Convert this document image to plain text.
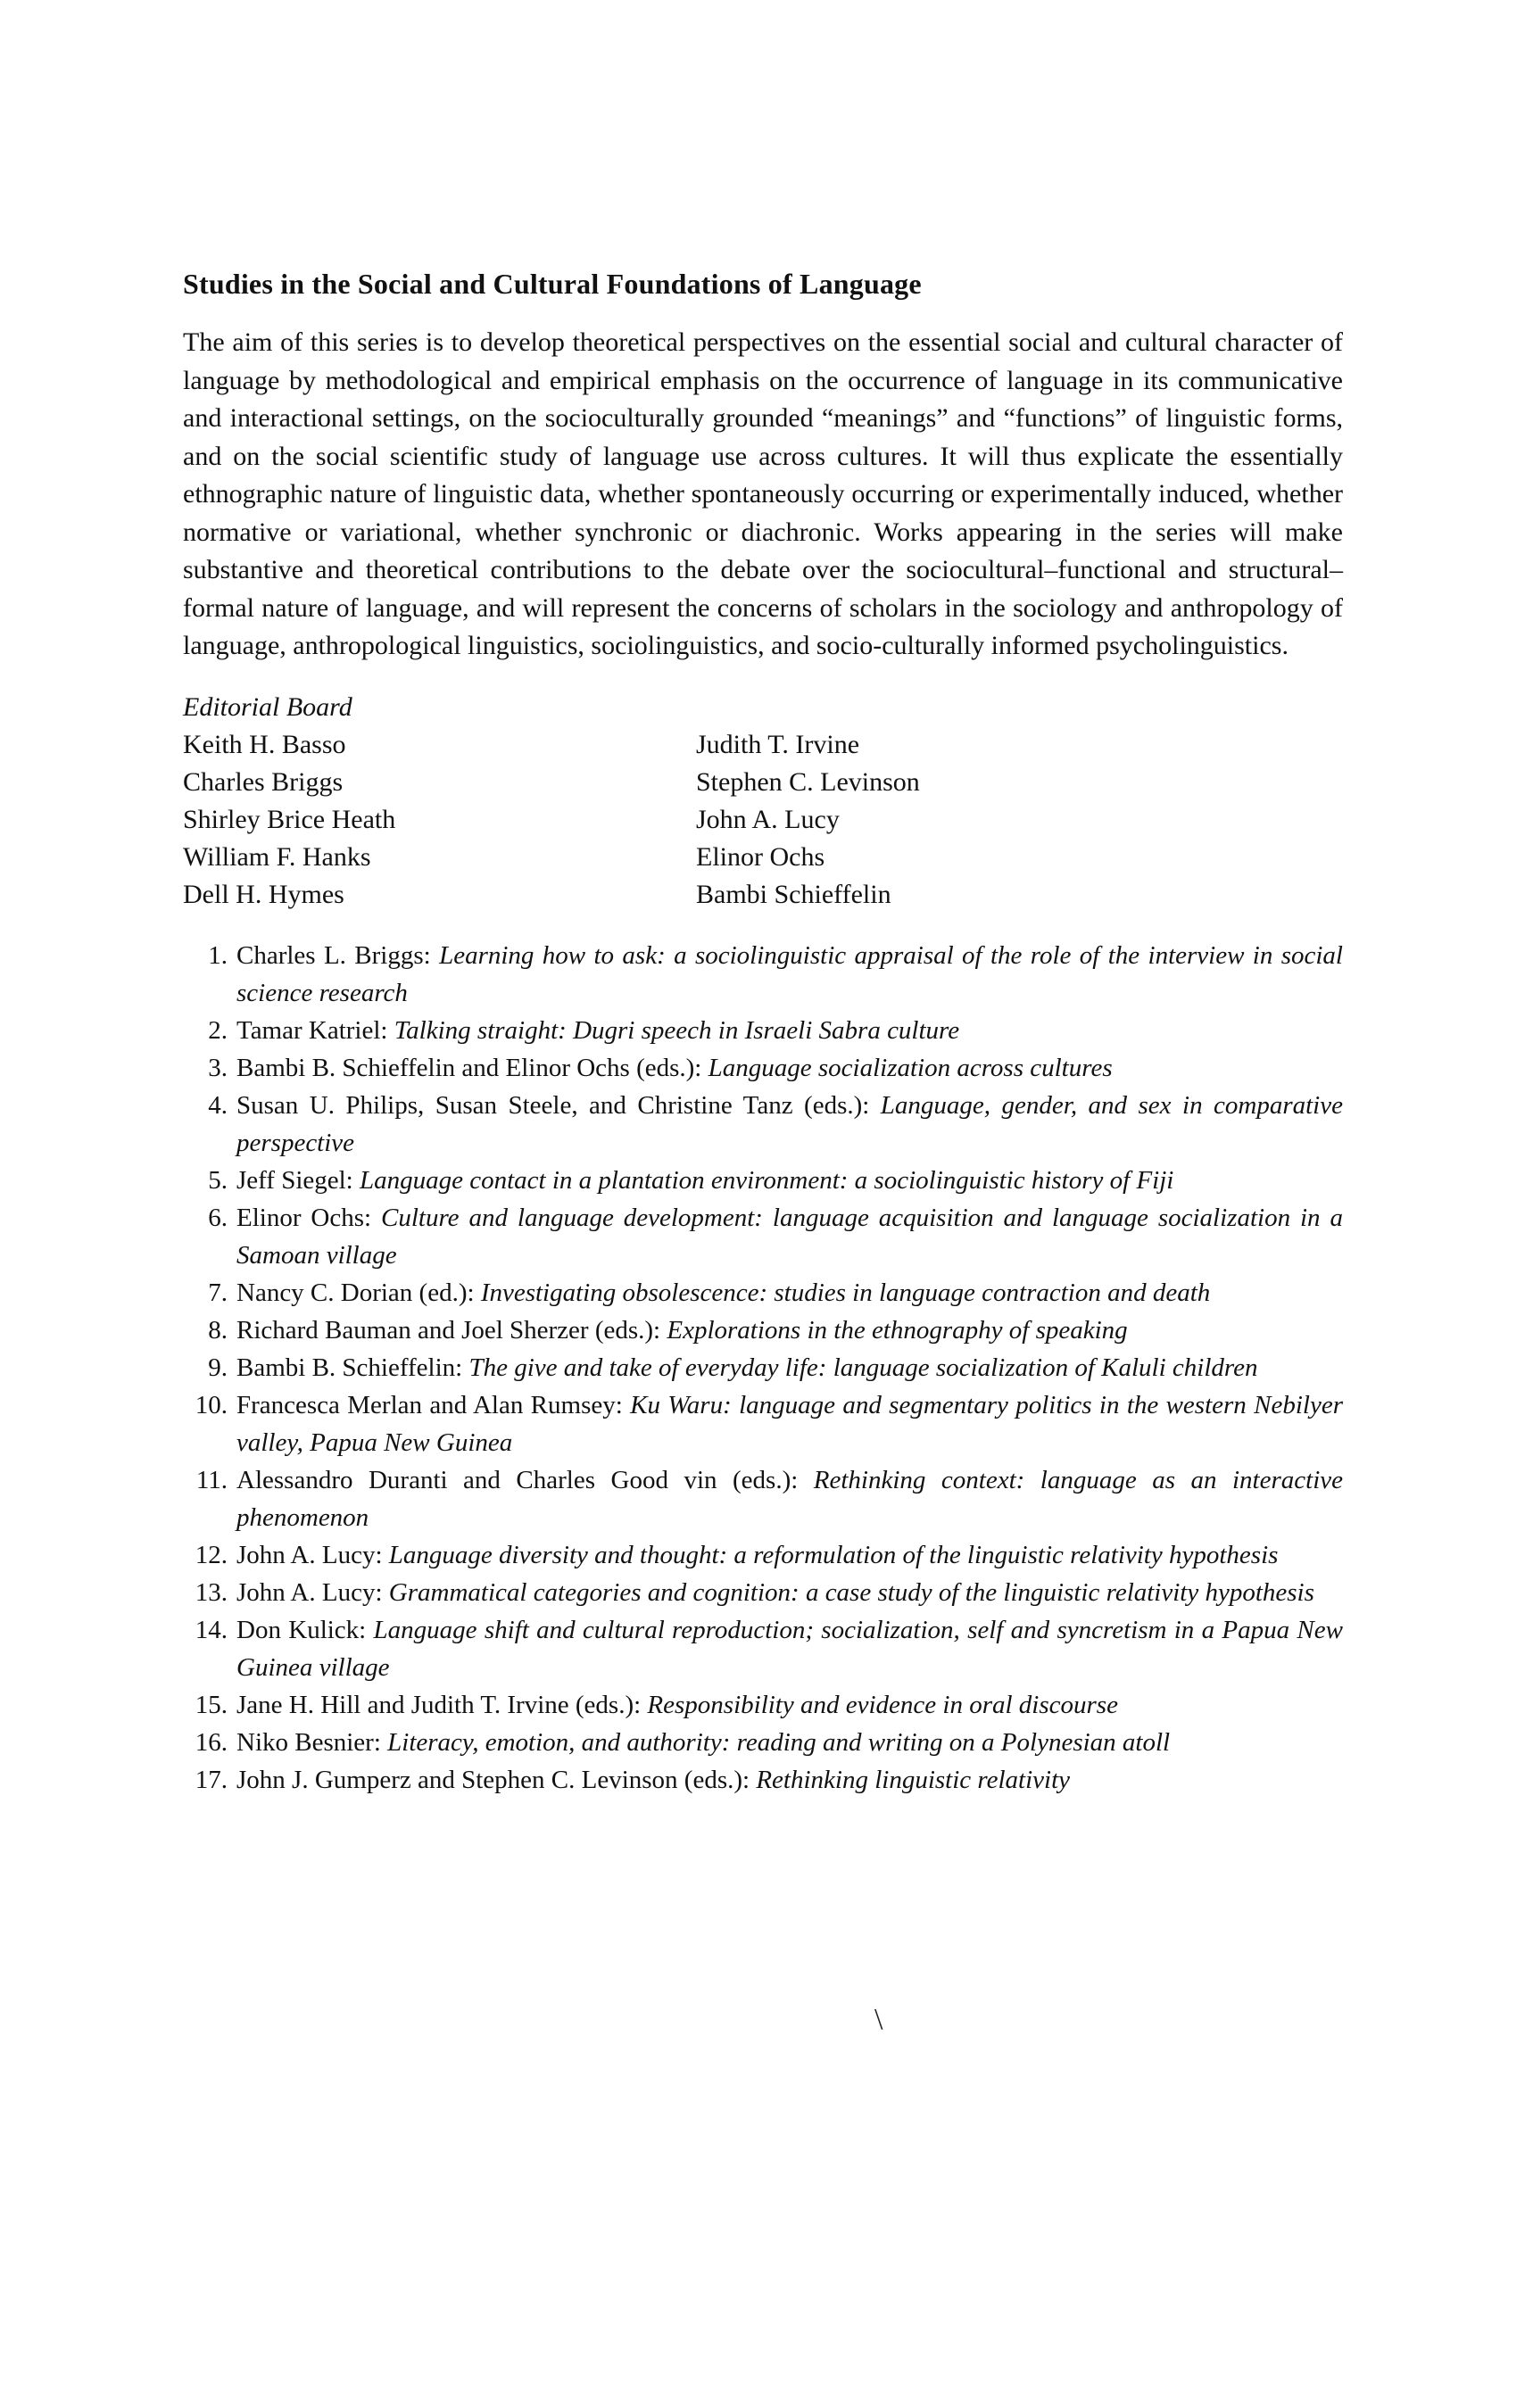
Studies in the Social and Cultural Foundations of Language

The aim of this series is to develop theoretical perspectives on the essential social and cultural character of language by methodological and empirical emphasis on the occurrence of language in its communicative and interactional settings, on the socioculturally grounded “meanings” and “functions” of linguistic forms, and on the social scientific study of language use across cultures. It will thus explicate the essentially ethnographic nature of linguistic data, whether spontaneously occurring or experimentally induced, whether normative or variational, whether synchronic or diachronic. Works appearing in the series will make substantive and theoretical contributions to the debate over the sociocultural–functional and structural–formal nature of language, and will represent the concerns of scholars in the sociology and anthropology of language, anthropological linguistics, sociolinguistics, and socio-culturally informed psycholinguistics.

Editorial Board
Keith H. Basso	Judith T. Irvine
Charles Briggs	Stephen C. Levinson
Shirley Brice Heath	John A. Lucy
William F. Hanks	Elinor Ochs
Dell H. Hymes	Bambi Schieffelin
1. Charles L. Briggs: Learning how to ask: a sociolinguistic appraisal of the role of the interview in social science research
2. Tamar Katriel: Talking straight: Dugri speech in Israeli Sabra culture
3. Bambi B. Schieffelin and Elinor Ochs (eds.): Language socialization across cultures
4. Susan U. Philips, Susan Steele, and Christine Tanz (eds.): Language, gender, and sex in comparative perspective
5. Jeff Siegel: Language contact in a plantation environment: a sociolinguistic history of Fiji
6. Elinor Ochs: Culture and language development: language acquisition and language socialization in a Samoan village
7. Nancy C. Dorian (ed.): Investigating obsolescence: studies in language contraction and death
8. Richard Bauman and Joel Sherzer (eds.): Explorations in the ethnography of speaking
9. Bambi B. Schieffelin: The give and take of everyday life: language socialization of Kaluli children
10. Francesca Merlan and Alan Rumsey: Ku Waru: language and segmentary politics in the western Nebilyer valley, Papua New Guinea
11. Alessandro Duranti and Charles Good vin (eds.): Rethinking context: language as an interactive phenomenon
12. John A. Lucy: Language diversity and thought: a reformulation of the linguistic relativity hypothesis
13. John A. Lucy: Grammatical categories and cognition: a case study of the linguistic relativity hypothesis
14. Don Kulick: Language shift and cultural reproduction; socialization, self and syncretism in a Papua New Guinea village
15. Jane H. Hill and Judith T. Irvine (eds.): Responsibility and evidence in oral discourse
16. Niko Besnier: Literacy, emotion, and authority: reading and writing on a Polynesian atoll
17. John J. Gumperz and Stephen C. Levinson (eds.): Rethinking linguistic relativity
\
